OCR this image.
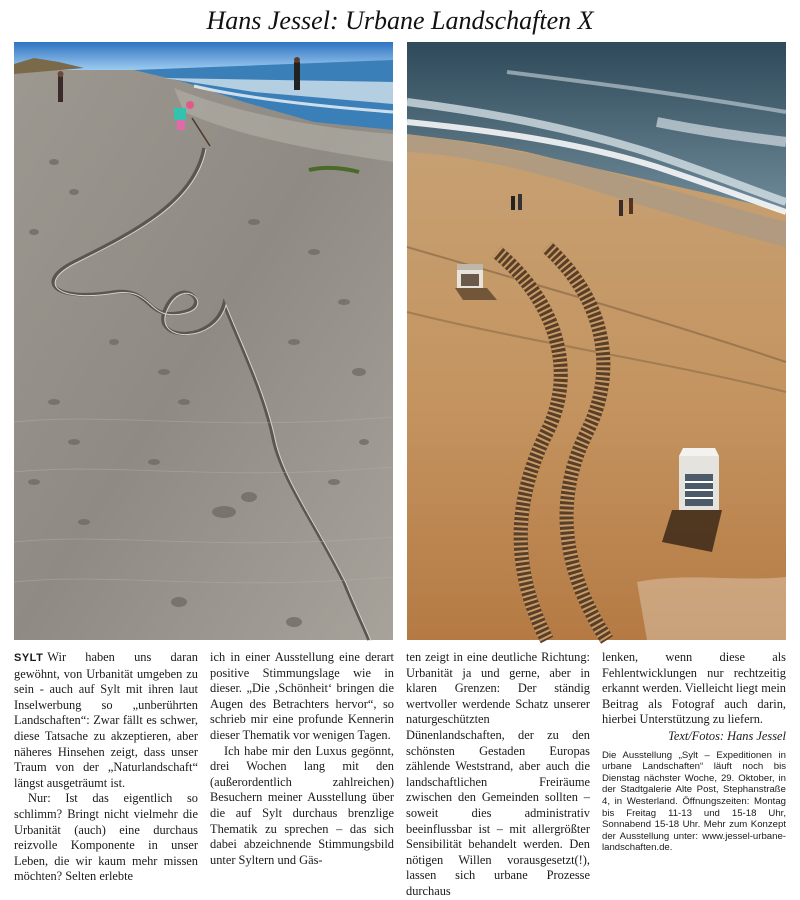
Hans Jessel: Urbane Landschaften X

SYLT Wir haben uns daran gewöhnt, von Urbanität umgeben zu sein - auch auf Sylt mit ihren laut Inselwerbung so „unberührten Landschaften“: Zwar fällt es schwer, diese Tatsache zu akzeptieren, aber näheres Hinsehen zeigt, dass unser Traum von der „Naturlandschaft“ längst ausgeträumt ist.

Nur: Ist das eigentlich so schlimm? Bringt nicht vielmehr die Urbanität (auch) eine durchaus reizvolle Komponente in unser Leben, die wir kaum mehr missen möchten? Selten erlebte

ich in einer Ausstellung eine derart positive Stimmungslage wie in dieser. „Die ‚Schönheit‘ bringen die Augen des Betrachters hervor“, so schrieb mir eine profunde Kennerin dieser Thematik vor wenigen Tagen.

Ich habe mir den Luxus gegönnt, drei Wochen lang mit den (außerordentlich zahlreichen) Besuchern meiner Ausstellung über die auf Sylt durchaus brenzlige Thematik zu sprechen – das sich dabei abzeichnende Stimmungsbild unter Syltern und Gäs-

ten zeigt in eine deutliche Richtung: Urbanität ja und gerne, aber in klaren Grenzen: Der ständig wertvoller werdende Schatz unserer naturgeschützten Dünenlandschaften, der zu den schönsten Gestaden Europas zählende Weststrand, aber auch die landschaftlichen Freiräume zwischen den Gemeinden sollten – soweit dies administrativ beeinflussbar ist – mit allergrößter Sensibilität behandelt werden. Den nötigen Willen vorausgesetzt(!), lassen sich urbane Prozesse durchaus

lenken, wenn diese als Fehlentwicklungen nur rechtzeitig erkannt werden. Vielleicht liegt mein Beitrag als Fotograf auch darin, hierbei Unterstützung zu liefern.

Text/Fotos: Hans Jessel
Die Ausstellung „Sylt – Expeditionen in urbane Landschaften“ läuft noch bis Dienstag nächster Woche, 29. Oktober, in der Stadtgalerie Alte Post, Stephanstraße 4, in Westerland. Öffnungszeiten: Montag bis Freitag 11-13 und 15-18 Uhr, Sonnabend 15-18 Uhr. Mehr zum Konzept der Ausstellung unter: www.jessel-urbane-landschaften.de.
